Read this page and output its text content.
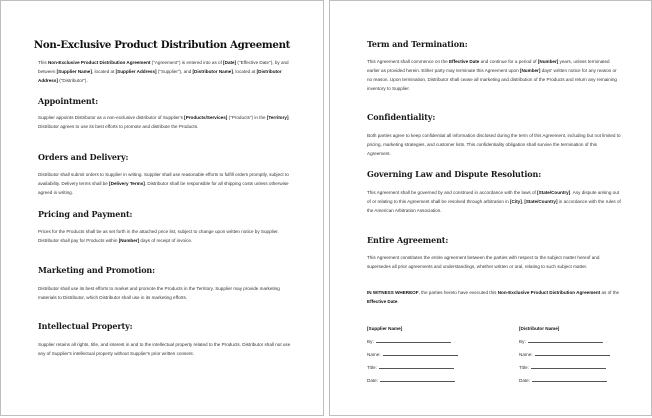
Non-Exclusive Product Distribution Agreement
This Non-Exclusive Product Distribution Agreement ("Agreement") is entered into as of [Date] ("Effective Date"), by and between [Supplier Name], located at [Supplier Address] ("Supplier"), and [Distributor Name], located at [Distributor Address] ("Distributor").
Appointment:
Supplier appoints Distributor as a non-exclusive distributor of Supplier's [Products/Services] ("Products") in the [Territory]. Distributor agrees to use its best efforts to promote and distribute the Products.
Orders and Delivery:
Distributor shall submit orders to Supplier in writing. Supplier shall use reasonable efforts to fulfill orders promptly, subject to availability. Delivery terms shall be [Delivery Terms]. Distributor shall be responsible for all shipping costs unless otherwise agreed in writing.
Pricing and Payment:
Prices for the Products shall be as set forth in the attached price list, subject to change upon written notice by Supplier. Distributor shall pay for Products within [Number] days of receipt of invoice.
Marketing and Promotion:
Distributor shall use its best efforts to market and promote the Products in the Territory. Supplier may provide marketing materials to Distributor, which Distributor shall use in its marketing efforts.
Intellectual Property:
Supplier retains all rights, title, and interest in and to the intellectual property related to the Products. Distributor shall not use any of Supplier's intellectual property without Supplier's prior written consent.
Term and Termination:
This Agreement shall commence on the Effective Date and continue for a period of [Number] years, unless terminated earlier as provided herein. Either party may terminate this Agreement upon [Number] days' written notice for any reason or no reason. Upon termination, Distributor shall cease all marketing and distribution of the Products and return any remaining inventory to Supplier.
Confidentiality:
Both parties agree to keep confidential all information disclosed during the term of this Agreement, including but not limited to pricing, marketing strategies, and customer lists. This confidentiality obligation shall survive the termination of this Agreement.
Governing Law and Dispute Resolution:
This Agreement shall be governed by and construed in accordance with the laws of [State/Country]. Any dispute arising out of or relating to this Agreement shall be resolved through arbitration in [City], [State/Country] in accordance with the rules of the American Arbitration Association.
Entire Agreement:
This Agreement constitutes the entire agreement between the parties with respect to the subject matter hereof and supersedes all prior agreements and understandings, whether written or oral, relating to such subject matter.
IN WITNESS WHEREOF, the parties hereto have executed this Non-Exclusive Product Distribution Agreement as of the Effective Date.
[Supplier Name]
By:
Name:
Title:
Date:
[Distributor Name]
By:
Name:
Title:
Date:
